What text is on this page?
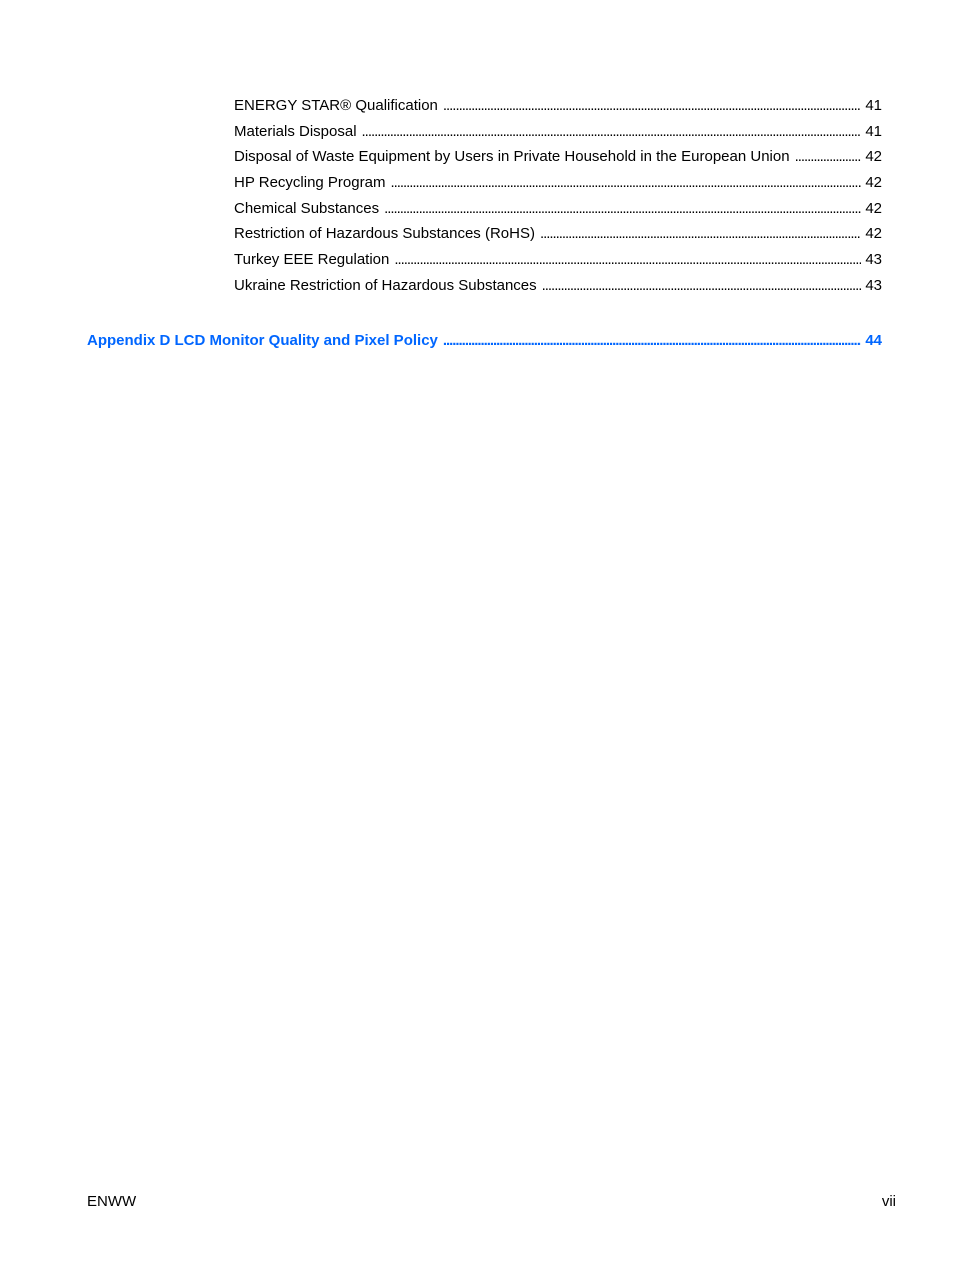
ENERGY STAR® Qualification . . .	41
Materials Disposal . . .	41
Disposal of Waste Equipment by Users in Private Household in the European Union . . .	42
HP Recycling Program . . .	42
Chemical Substances . . .	42
Restriction of Hazardous Substances (RoHS) . . .	42
Turkey EEE Regulation . . .	43
Ukraine Restriction of Hazardous Substances . . .	43
Appendix D LCD Monitor Quality and Pixel Policy . . .	44
ENWW	vii
